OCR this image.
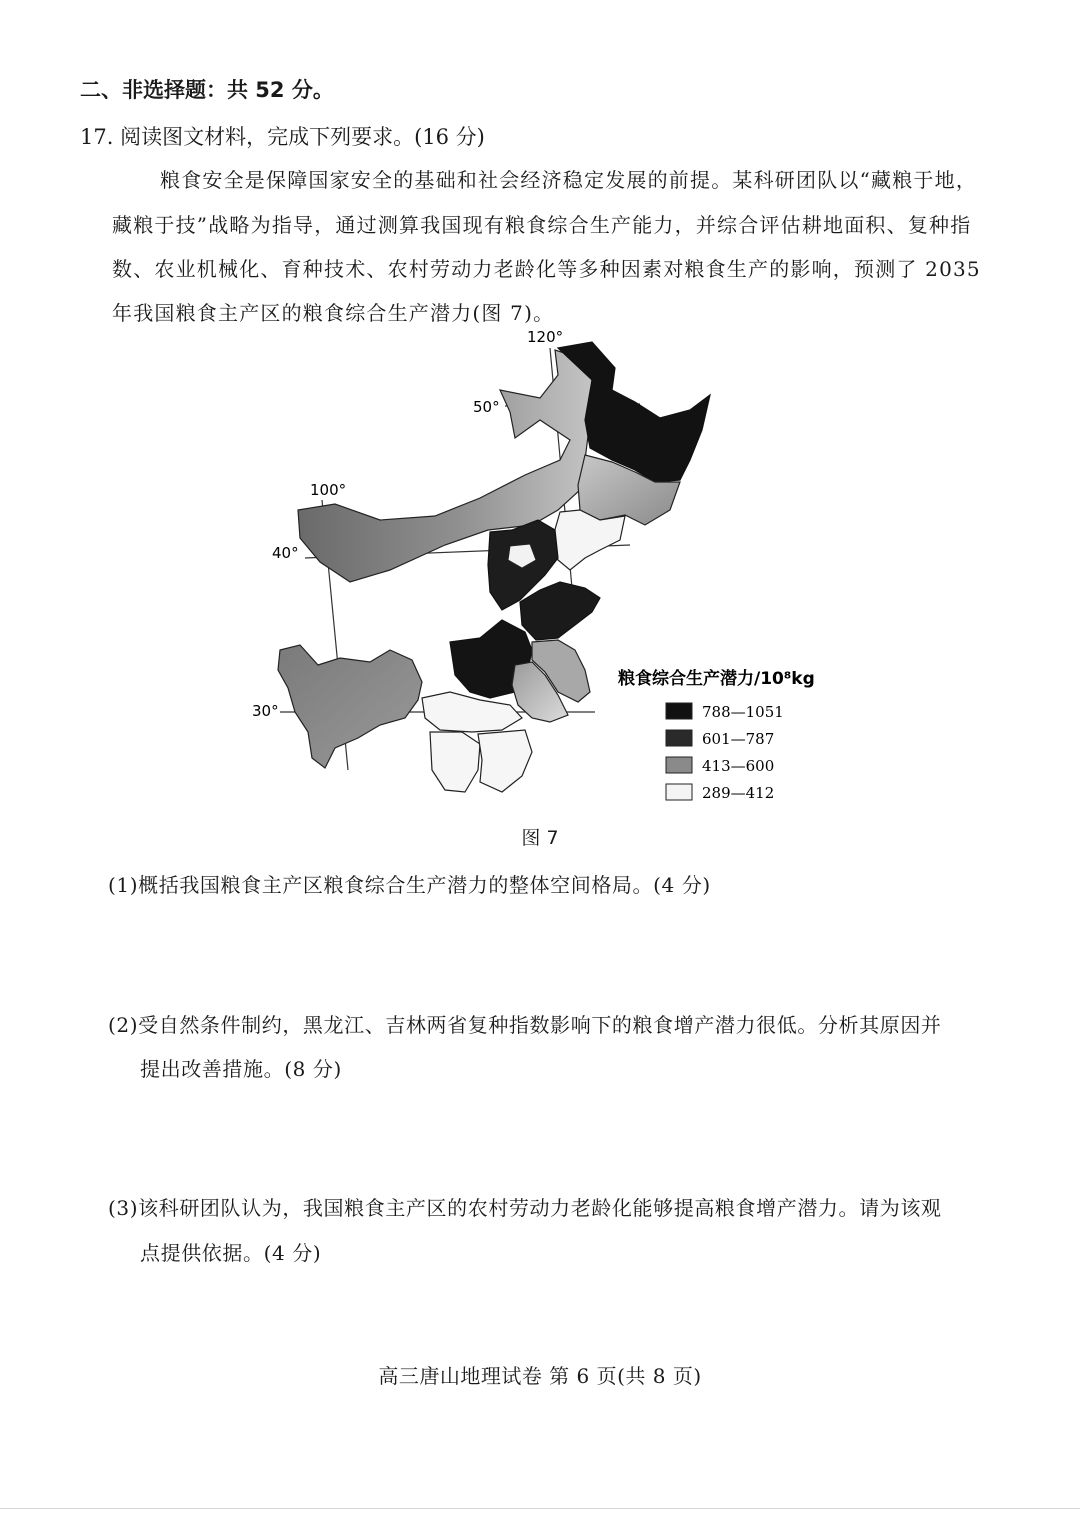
二、非选择题：共 52 分。
17. 阅读图文材料，完成下列要求。(16 分)
粮食安全是保障国家安全的基础和社会经济稳定发展的前提。某科研团队以“藏粮于地，
藏粮于技”战略为指导，通过测算我国现有粮食综合生产能力，并综合评估耕地面积、复种指
数、农业机械化、育种技术、农村劳动力老龄化等多种因素对粮食生产的影响，预测了 2035
年我国粮食主产区的粮食综合生产潜力(图 7)。
120°
100°
50°
40°
30°
粮食综合生产潜力/10⁸kg
788—1051
601—787
413—600
289—412
图 7
(1)概括我国粮食主产区粮食综合生产潜力的整体空间格局。(4 分)
(2)受自然条件制约，黑龙江、吉林两省复种指数影响下的粮食增产潜力很低。分析其原因并
提出改善措施。(8 分)
(3)该科研团队认为，我国粮食主产区的农村劳动力老龄化能够提高粮食增产潜力。请为该观
点提供依据。(4 分)
高三唐山地理试卷 第 6 页(共 8 页)
